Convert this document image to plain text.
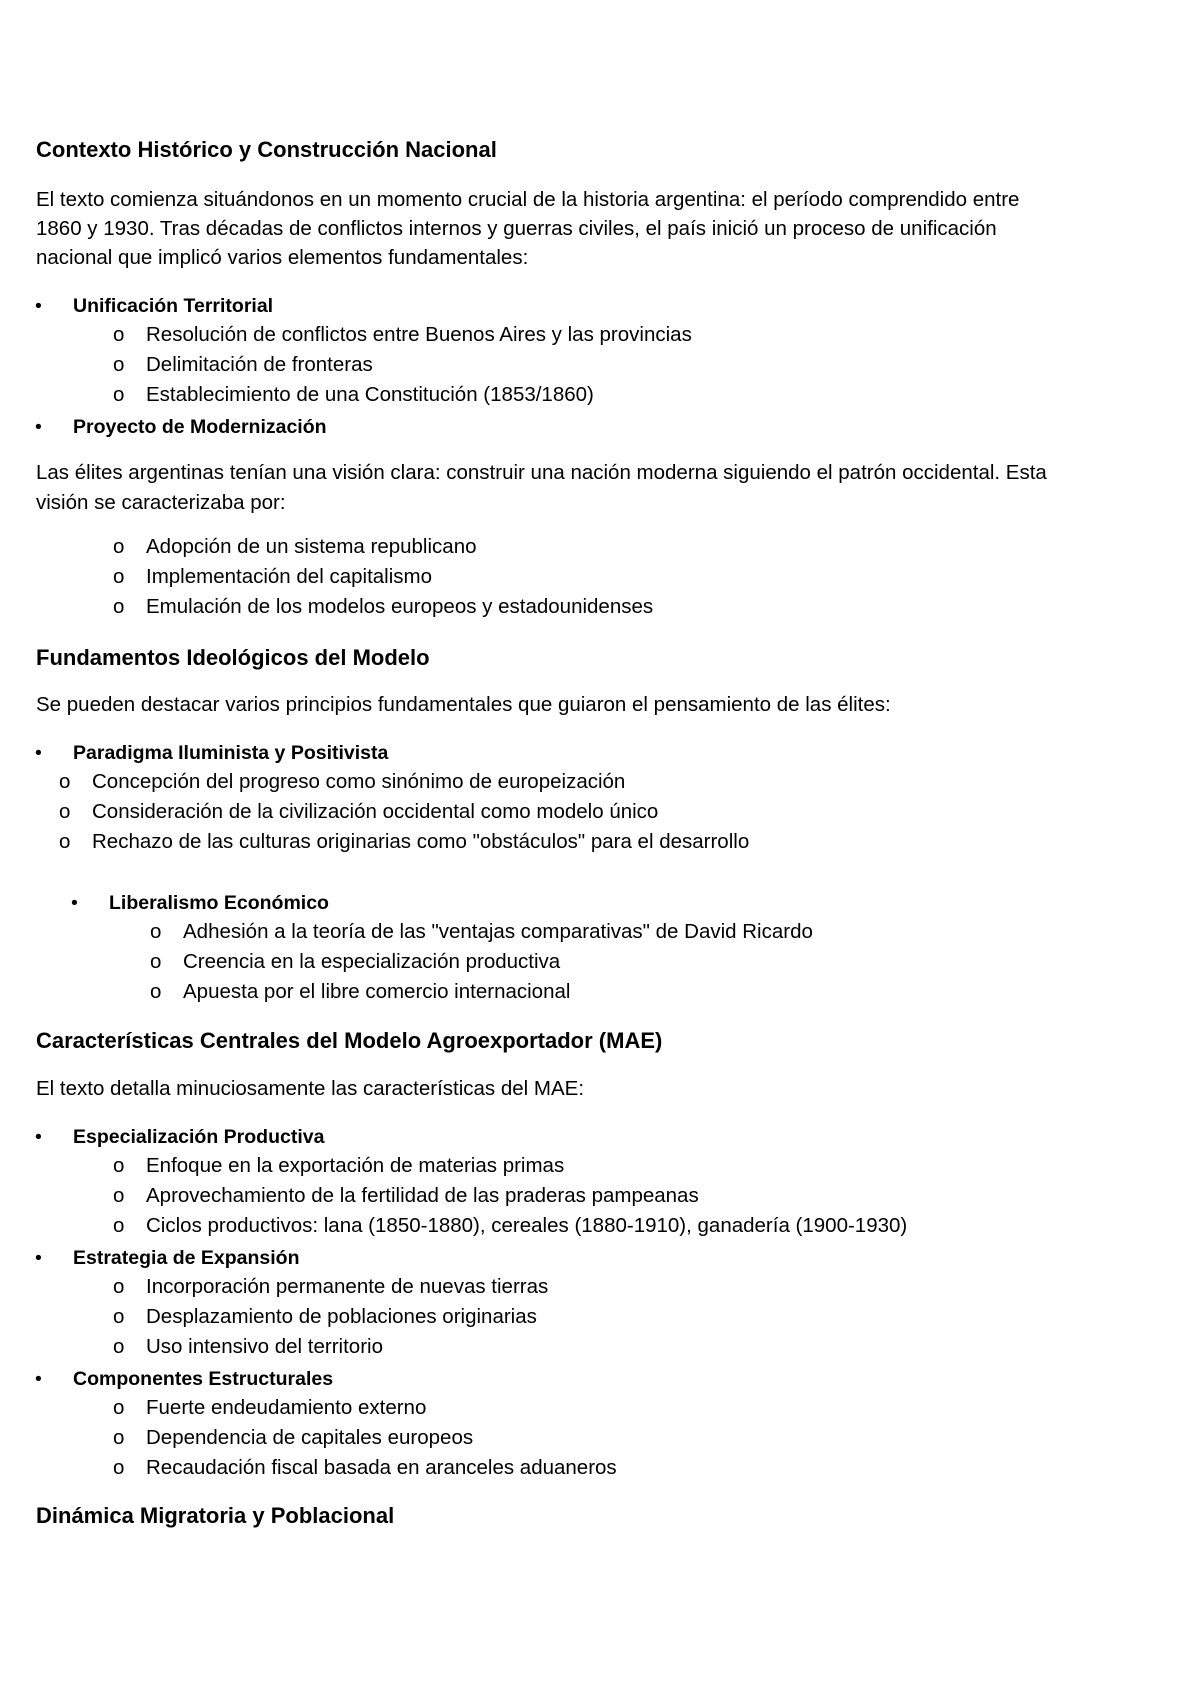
Contexto Histórico y Construcción Nacional

El texto comienza situándonos en un momento crucial de la historia argentina: el período comprendido entre

1860 y 1930. Tras décadas de conflictos internos y guerras civiles, el país inició un proceso de unificación

nacional que implicó varios elementos fundamentales:

• Unificación Territorial
o Resolución de conflictos entre Buenos Aires y las provincias
o Delimitación de fronteras
o Establecimiento de una Constitución (1853/1860)
• Proyecto de Modernización

Las élites argentinas tenían una visión clara: construir una nación moderna siguiendo el patrón occidental. Esta

visión se caracterizaba por:

o Adopción de un sistema republicano
o Implementación del capitalismo
o Emulación de los modelos europeos y estadounidenses
Fundamentos Ideológicos del Modelo

Se pueden destacar varios principios fundamentales que guiaron el pensamiento de las élites:

• Paradigma Iluminista y Positivista
o Concepción del progreso como sinónimo de europeización
o Consideración de la civilización occidental como modelo único
o Rechazo de las culturas originarias como "obstáculos" para el desarrollo
• Liberalismo Económico
o Adhesión a la teoría de las "ventajas comparativas" de David Ricardo
o Creencia en la especialización productiva
o Apuesta por el libre comercio internacional
Características Centrales del Modelo Agroexportador (MAE)

El texto detalla minuciosamente las características del MAE:

• Especialización Productiva
o Enfoque en la exportación de materias primas
o Aprovechamiento de la fertilidad de las praderas pampeanas
o Ciclos productivos: lana (1850-1880), cereales (1880-1910), ganadería (1900-1930)
• Estrategia de Expansión
o Incorporación permanente de nuevas tierras
o Desplazamiento de poblaciones originarias
o Uso intensivo del territorio
• Componentes Estructurales
o Fuerte endeudamiento externo
o Dependencia de capitales europeos
o Recaudación fiscal basada en aranceles aduaneros
Dinámica Migratoria y Poblacional
